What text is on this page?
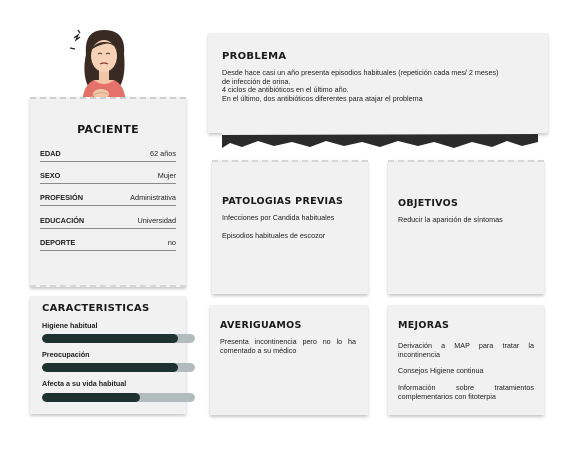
PACIENTE
EDAD	62 años
SEXO	Mujer
PROFESIÓN	Administrativa
EDUCACIÓN	Universidad
DEPORTE	no
CARACTERISTICAS
Higiene habitual
Preocupación
Afecta a su vida habitual
PROBLEMA
Desde hace casi un año presenta episodios habituales (repetición cada mes/ 2 meses)
de infección de orina.
4 ciclos de antibióticos en el último año.
En el último, dos antibióticos diferentes para atajar el problema
PATOLOGIAS PREVIAS
Infecciones por Candida habituales
Episodios habituales de escozor
OBJETIVOS
Reducir la aparición de síntomas
AVERIGUAMOS
Presenta incontinencia pero no lo ha comentado a su médico
MEJORAS
Derivación a MAP para tratar la incontinencia
Consejos Higiene continua
Información sobre tratamientos complementarios con fitoterpia
